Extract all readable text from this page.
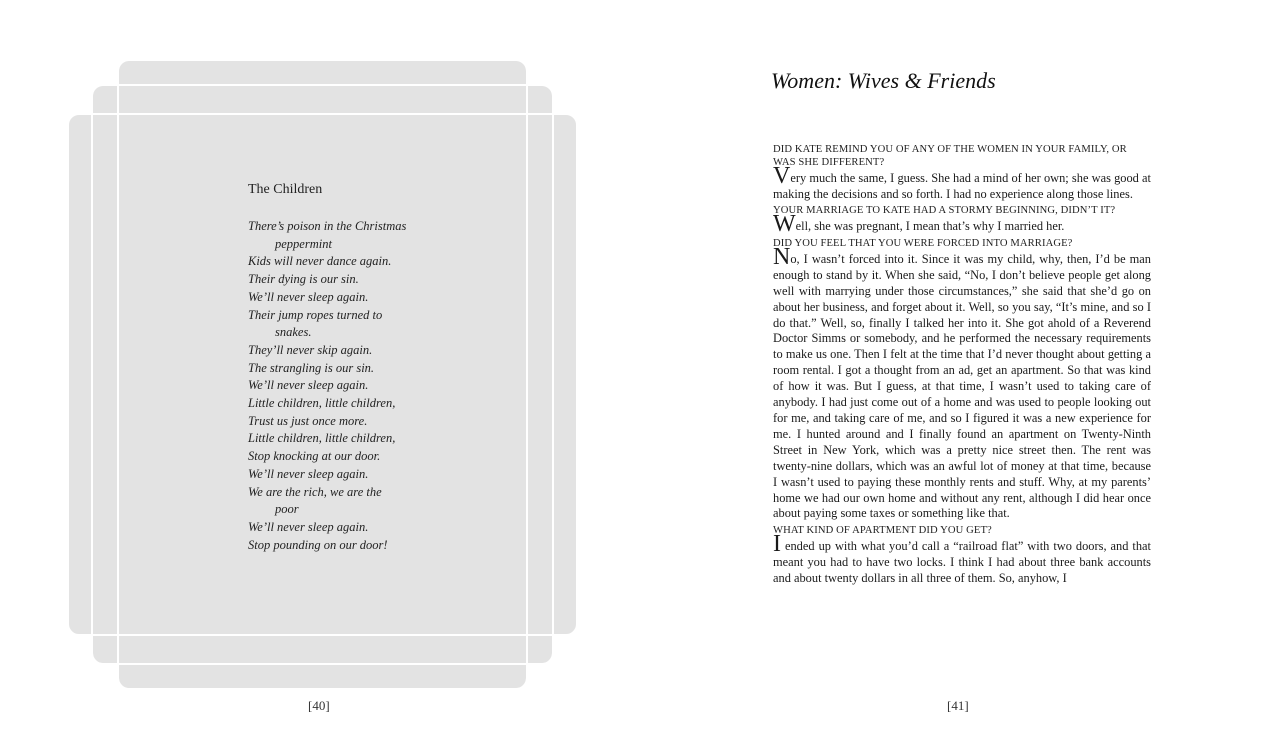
The Children
There’s poison in the Christmas
peppermint
Kids will never dance again.
Their dying is our sin.
We’ll never sleep again.
Their jump ropes turned to
snakes.
They’ll never skip again.
The strangling is our sin.
We’ll never sleep again.
Little children, little children,
Trust us just once more.
Little children, little children,
Stop knocking at our door.
We’ll never sleep again.
We are the rich, we are the
poor
We’ll never sleep again.
Stop pounding on our door!
[40]
Women: Wives & Friends

DID KATE REMIND YOU OF ANY OF THE WOMEN IN YOUR FAMILY, OR WAS SHE DIFFERENT?

Very much the same, I guess. She had a mind of her own; she was good at making the decisions and so forth. I had no experience along those lines.

YOUR MARRIAGE TO KATE HAD A STORMY BEGINNING, DIDN’T IT?

Well, she was pregnant, I mean that’s why I married her.

DID YOU FEEL THAT YOU WERE FORCED INTO MARRIAGE?

No, I wasn’t forced into it. Since it was my child, why, then, I’d be man enough to stand by it. When she said, “No, I don’t believe people get along well with marrying under those circumstances,” she said that she’d go on about her business, and forget about it. Well, so you say, “It’s mine, and so I do that.” Well, so, finally I talked her into it. She got ahold of a Reverend Doctor Simms or somebody, and he performed the necessary requirements to make us one. Then I felt at the time that I’d never thought about getting a room rental. I got a thought from an ad, get an apartment. So that was kind of how it was. But I guess, at that time, I wasn’t used to taking care of anybody. I had just come out of a home and was used to people looking out for me, and taking care of me, and so I figured it was a new experience for me. I hunted around and I finally found an apartment on Twenty-Ninth Street in New York, which was a pretty nice street then. The rent was twenty-nine dollars, which was an awful lot of money at that time, because I wasn’t used to paying these monthly rents and stuff. Why, at my parents’ home we had our own home and without any rent, although I did hear once about paying some taxes or something like that.

WHAT KIND OF APARTMENT DID YOU GET?

I ended up with what you’d call a “railroad flat” with two doors, and that meant you had to have two locks. I think I had about three bank accounts and about twenty dollars in all three of them. So, anyhow, I

[41]
